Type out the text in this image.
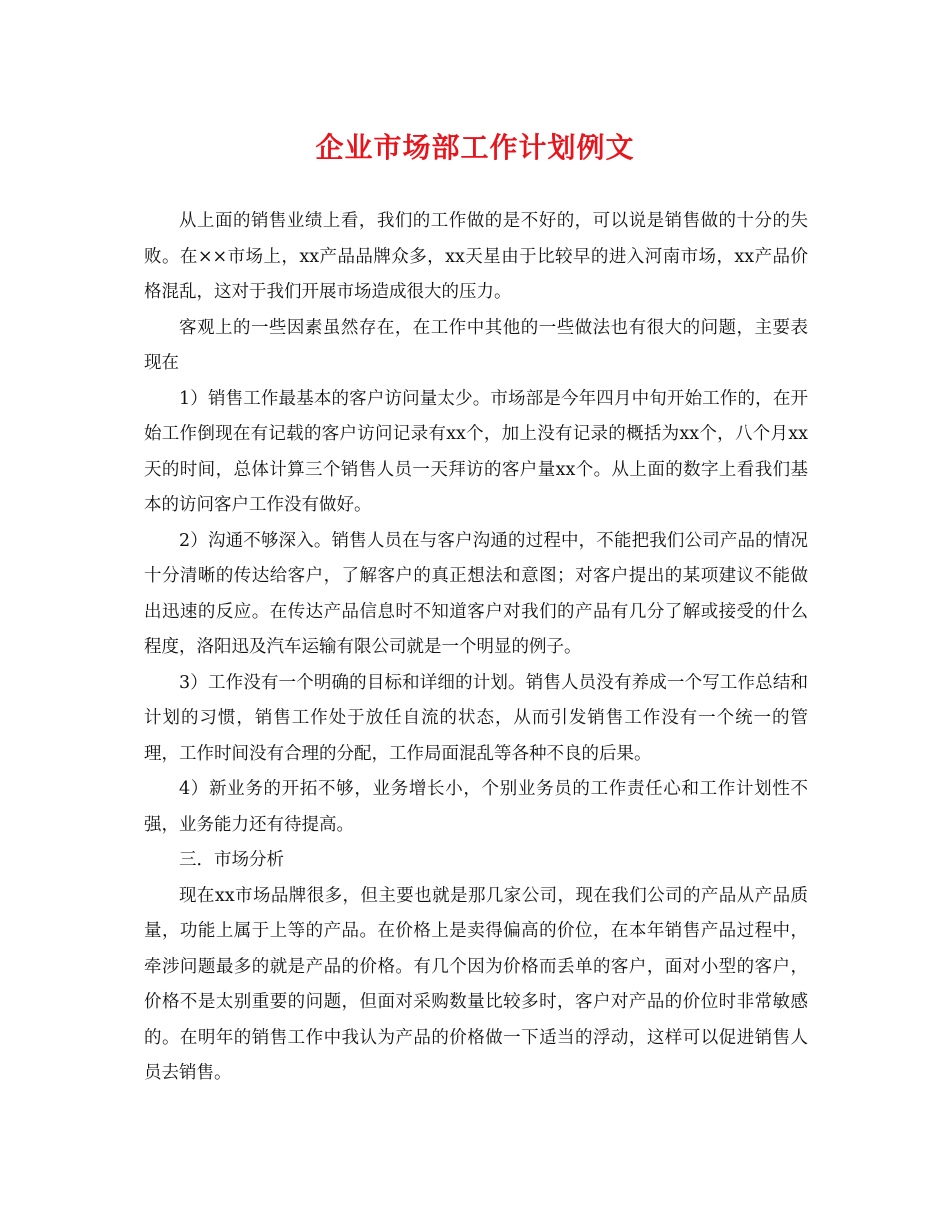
企业市场部工作计划例文

从上面的销售业绩上看，我们的工作做的是不好的，可以说是销售做的十分的失败。在××市场上，xx产品品牌众多，xx天星由于比较早的进入河南市场，xx产品价格混乱，这对于我们开展市场造成很大的压力。

客观上的一些因素虽然存在，在工作中其他的一些做法也有很大的问题，主要表现在

1）销售工作最基本的客户访问量太少。市场部是今年四月中旬开始工作的，在开始工作倒现在有记载的客户访问记录有xx个，加上没有记录的概括为xx个，八个月xx天的时间，总体计算三个销售人员一天拜访的客户量xx个。从上面的数字上看我们基本的访问客户工作没有做好。

2）沟通不够深入。销售人员在与客户沟通的过程中，不能把我们公司产品的情况十分清晰的传达给客户，了解客户的真正想法和意图；对客户提出的某项建议不能做出迅速的反应。在传达产品信息时不知道客户对我们的产品有几分了解或接受的什么程度，洛阳迅及汽车运输有限公司就是一个明显的例子。

3）工作没有一个明确的目标和详细的计划。销售人员没有养成一个写工作总结和计划的习惯，销售工作处于放任自流的状态，从而引发销售工作没有一个统一的管理，工作时间没有合理的分配，工作局面混乱等各种不良的后果。

4）新业务的开拓不够，业务增长小，个别业务员的工作责任心和工作计划性不强，业务能力还有待提高。

三．市场分析

现在xx市场品牌很多，但主要也就是那几家公司，现在我们公司的产品从产品质量，功能上属于上等的产品。在价格上是卖得偏高的价位，在本年销售产品过程中，牵涉问题最多的就是产品的价格。有几个因为价格而丢单的客户，面对小型的客户，价格不是太别重要的问题，但面对采购数量比较多时，客户对产品的价位时非常敏感的。在明年的销售工作中我认为产品的价格做一下适当的浮动，这样可以促进销售人员去销售。
